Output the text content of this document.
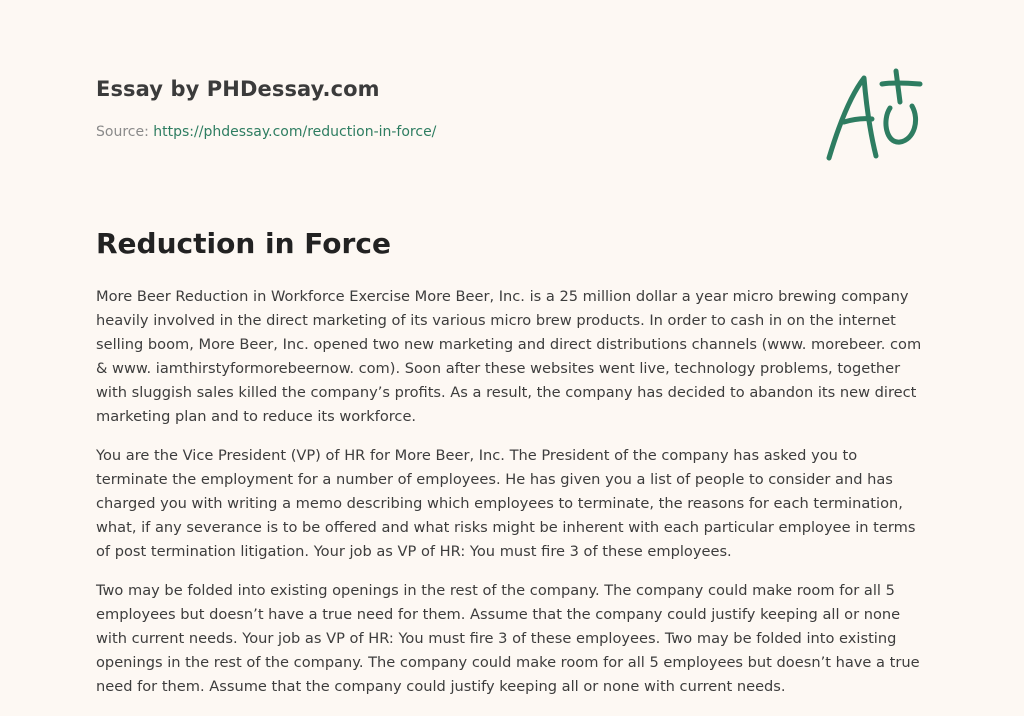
Essay by PHDessay.com
Source: https://phdessay.com/reduction-in-force/
Reduction in Force

More Beer Reduction in Workforce Exercise More Beer, Inc. is a 25 million dollar a year micro brewing company heavily involved in the direct marketing of its various micro brew products. In order to cash in on the internet selling boom, More Beer, Inc. opened two new marketing and direct distributions channels (www. morebeer. com & www. iamthirstyformorebeernow. com). Soon after these websites went live, technology problems, together with sluggish sales killed the company’s profits. As a result, the company has decided to abandon its new direct marketing plan and to reduce its workforce.

You are the Vice President (VP) of HR for More Beer, Inc. The President of the company has asked you to terminate the employment for a number of employees. He has given you a list of people to consider and has charged you with writing a memo describing which employees to terminate, the reasons for each termination, what, if any severance is to be offered and what risks might be inherent with each particular employee in terms of post termination litigation. Your job as VP of HR: You must fire 3 of these employees.

Two may be folded into existing openings in the rest of the company. The company could make room for all 5 employees but doesn’t have a true need for them. Assume that the company could justify keeping all or none with current needs. Your job as VP of HR: You must fire 3 of these employees. Two may be folded into existing openings in the rest of the company. The company could make room for all 5 employees but doesn’t have a true need for them. Assume that the company could justify keeping all or none with current needs.
